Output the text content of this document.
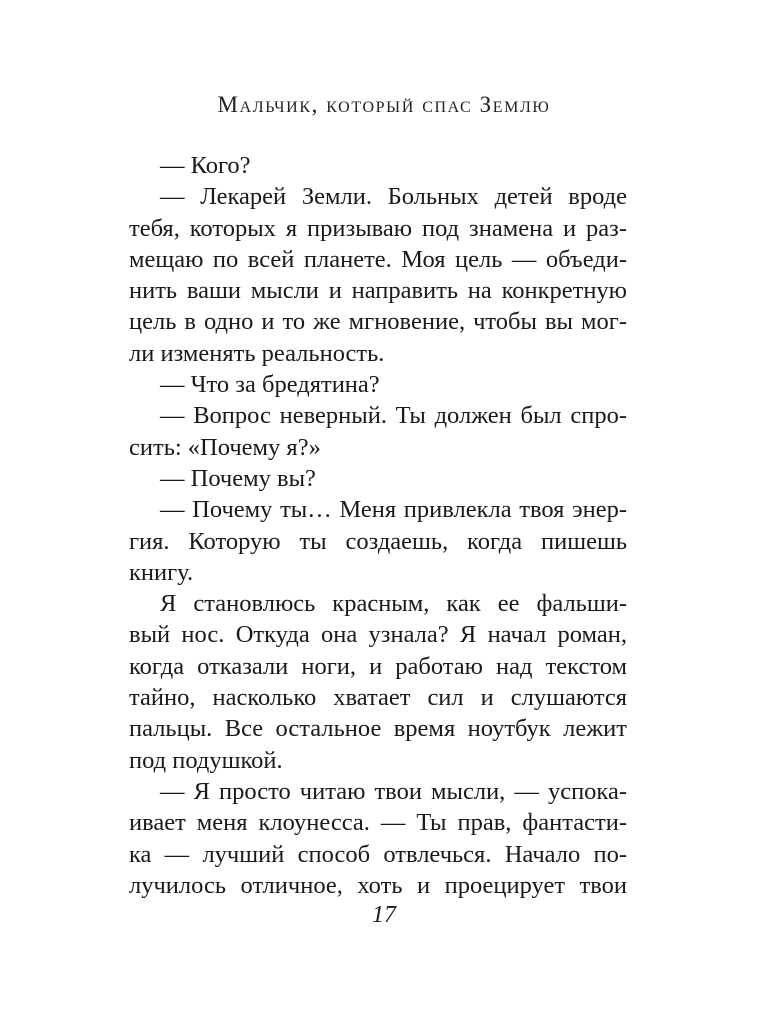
Мальчик, который спас Землю
— Кого?
— Лекарей Земли. Больных детей вроде
тебя, которых я призываю под знамена и раз-
мещаю по всей планете. Моя цель — объеди-
нить ваши мысли и направить на конкретную
цель в одно и то же мгновение, чтобы вы мог-
ли изменять реальность.
— Что за бредятина?
— Вопрос неверный. Ты должен был спро-
сить: «Почему я?»
— Почему вы?
— Почему ты… Меня привлекла твоя энер-
гия. Которую ты создаешь, когда пишешь
книгу.
Я становлюсь красным, как ее фальши-
вый нос. Откуда она узнала? Я начал роман,
когда отказали ноги, и работаю над текстом
тайно, насколько хватает сил и слушаются
пальцы. Все остальное время ноутбук лежит
под подушкой.
— Я просто читаю твои мысли, — успока-
ивает меня клоунесса. — Ты прав, фантасти-
ка — лучший способ отвлечься. Начало по-
лучилось отличное, хоть и проецирует твои
17
